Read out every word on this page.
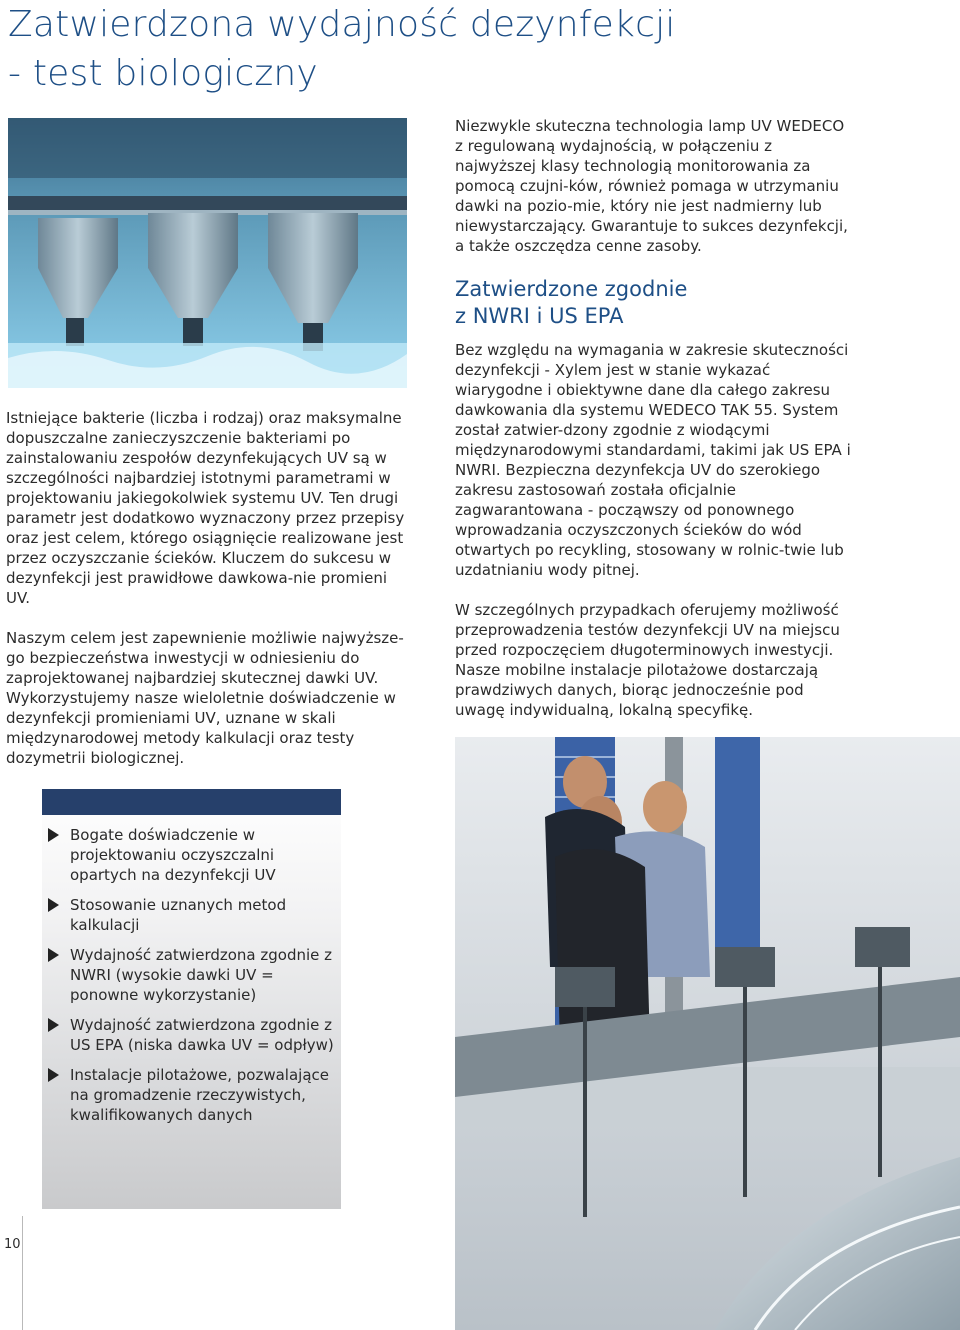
Zatwierdzona wydajność dezynfekcji
- test biologiczny

Istniejące bakterie (liczba i rodzaj) oraz maksymalne dopuszczalne zanieczyszczenie bakteriami po zainstalowaniu zespołów dezynfekujących UV są w szczególności najbardziej istotnymi parametrami w projektowaniu jakiegokolwiek systemu UV. Ten drugi parametr jest dodatkowo wyznaczony przez przepisy oraz jest celem, którego osiągnięcie realizowane jest przez oczyszczanie ścieków. Kluczem do sukcesu w dezynfekcji jest prawidłowe dawkowa-nie promieni UV.

Naszym celem jest zapewnienie możliwie najwyższe-go bezpieczeństwa inwestycji w odniesieniu do zaprojektowanej najbardziej skutecznej dawki UV. Wykorzystujemy nasze wieloletnie doświadczenie w dezynfekcji promieniami UV, uznane w skali międzynarodowej metody kalkulacji oraz testy dozymetrii biologicznej.

Niezwykle skuteczna technologia lamp UV WEDECO z regulowaną wydajnością, w połączeniu z najwyższej klasy technologią monitorowania za pomocą czujni-ków, również pomaga w utrzymaniu dawki na pozio-mie, który nie jest nadmierny lub niewystarczający. Gwarantuje to sukces dezynfekcji, a także oszczędza cenne zasoby.

Zatwierdzone zgodnie
z NWRI i US EPA

Bez względu na wymagania w zakresie skuteczności dezynfekcji - Xylem jest w stanie wykazać wiarygodne i obiektywne dane dla całego zakresu dawkowania dla systemu WEDECO TAK 55. System został zatwier-dzony zgodnie z wiodącymi międzynarodowymi standardami, takimi jak US EPA i NWRI. Bezpieczna dezynfekcja UV do szerokiego zakresu zastosowań została oficjalnie zagwarantowana - począwszy od ponownego wprowadzania oczyszczonych ścieków do wód otwartych po recykling, stosowany w rolnic-twie lub uzdatnianiu wody pitnej.

W szczególnych przypadkach oferujemy możliwość przeprowadzenia testów dezynfekcji UV na miejscu przed rozpoczęciem długoterminowych inwestycji. Nasze mobilne instalacje pilotażowe dostarczają prawdziwych danych, biorąc jednocześnie pod uwagę indywidualną, lokalną specyfikę.

Bogate doświadczenie w projektowaniu oczyszczalni opartych na dezynfekcji UV
Stosowanie uznanych metod kalkulacji
Wydajność zatwierdzona zgodnie z NWRI (wysokie dawki UV = ponowne wykorzystanie)
Wydajność zatwierdzona zgodnie z US EPA (niska dawka UV = odpływ)
Instalacje pilotażowe, pozwalające na gromadzenie rzeczywistych, kwalifikowanych danych
10
